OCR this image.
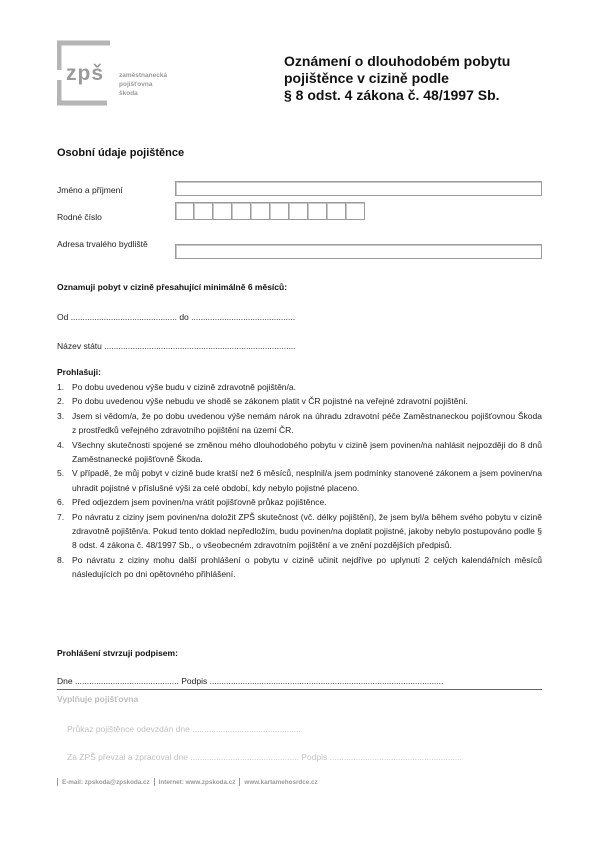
zpš zaměstnanecká
pojišťovna
škoda
Oznámení o dlouhodobém pobytu
pojištěnce v cizině podle
§ 8 odst. 4 zákona č. 48/1997 Sb.
Osobní údaje pojištěnce
Jméno a příjmení
Rodné číslo
Adresa trvalého bydliště
Oznamuji pobyt v cizině přesahující minimálně 6 měsíců:
Od ............................................. do ............................................
Název státu .................................................................................
Prohlašuji:
1. Po dobu uvedenou výše budu v cizině zdravotně pojištěn/a.
2. Po dobu uvedenou výše nebudu ve shodě se zákonem platit v ČR pojistné na veřejné zdravotní pojištění.
3. Jsem si vědom/a, že po dobu uvedenou výše nemám nárok na úhradu zdravotní péče Zaměstnaneckou pojišťovnou Škoda z prostředků veřejného zdravotního pojištění na území ČR.
4. Všechny skutečnosti spojené se změnou mého dlouhodobého pobytu v cizině jsem povinen/na nahlásit nejpozději do 8 dnů Zaměstnanecké pojišťovně Škoda.
5. V případě, že můj pobyt v cizině bude kratší než 6 měsíců, nesplnil/a jsem podmínky stanovené zákonem a jsem povinen/na uhradit pojistné v příslušné výši za celé období, kdy nebylo pojistné placeno.
6. Před odjezdem jsem povinen/na vrátit pojišťovně průkaz pojištěnce.
7. Po návratu z ciziny jsem povinen/na doložit ZPŠ skutečnost (vč. délky pojištění), že jsem byl/a během svého pobytu v cizině zdravotně pojištěn/a. Pokud tento doklad nepředložím, budu povinen/na doplatit pojistné, jakoby nebylo postupováno podle § 8 odst. 4 zákona č. 48/1997 Sb., o všeobecném zdravotním pojištění a ve znění pozdějších předpisů.
8. Po návratu z ciziny mohu další prohlášení o pobytu v cizině učinit nejdříve po uplynutí 2 celých kalendářních měsíců následujících po dni opětovného přihlášení.
Prohlášení stvrzuji podpisem:
Dne ............................................ Podpis ...................................................................................................
Vyplňuje pojišťovna
Průkaz pojištěnce odevzdán dne ..............................................
Za ZPŠ převzal a zpracoval dne .............................................. Podpis ........................................................
E-mail: zpskoda@zpskoda.cz Internet: www.zpskoda.cz www.kartamehosrdce.cz
